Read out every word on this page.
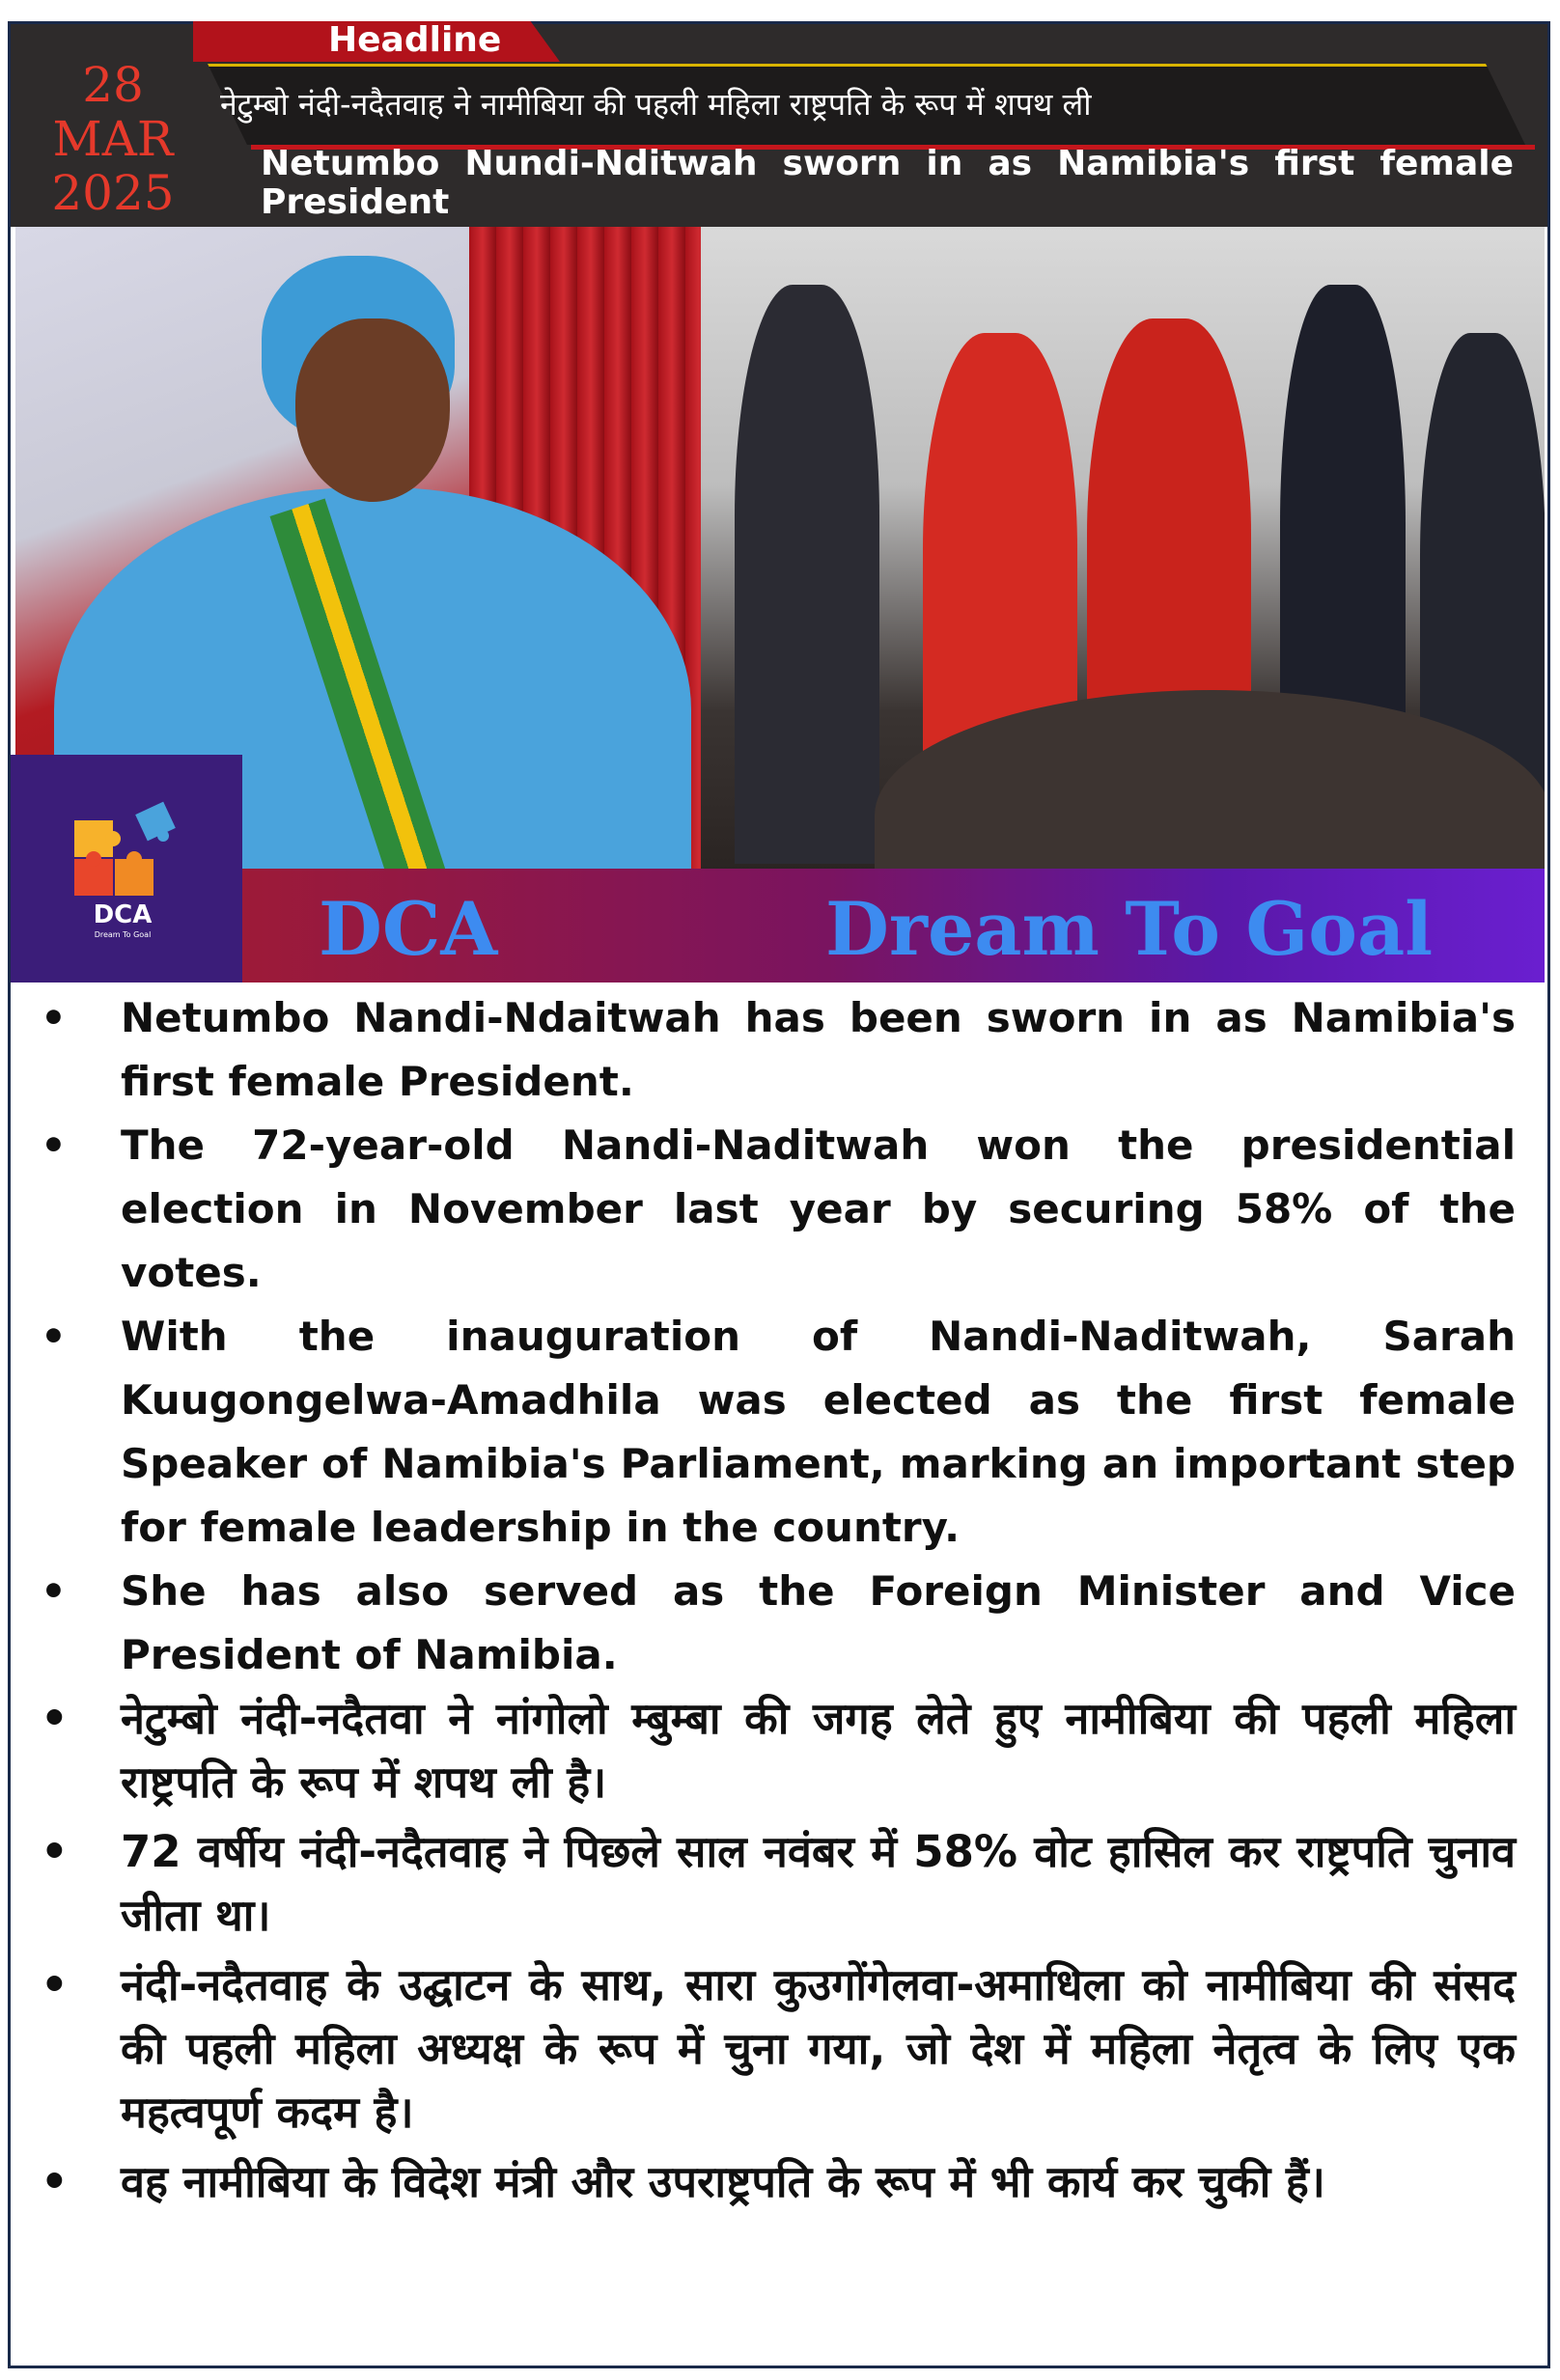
Headline
28
MAR
2025
नेटुम्बो नंदी-नदैतवाह ने नामीबिया की पहली महिला राष्ट्रपति के रूप में शपथ ली
Netumbo Nundi-Nditwah sworn in as Namibia's first female President
DCA	Dream To Goal
DCA
Dream To Goal
• Netumbo Nandi-Ndaitwah has been sworn in as Namibia's first female President.
• The 72-year-old Nandi-Naditwah won the presidential election in November last year by securing 58% of the votes.
• With the inauguration of Nandi-Naditwah, Sarah Kuugongelwa-Amadhila was elected as the first female Speaker of Namibia's Parliament, marking an important step for female leadership in the country.
• She has also served as the Foreign Minister and Vice President of Namibia.
• नेटुम्बो नंदी-नदैतवा ने नांगोलो म्बुम्बा की जगह लेते हुए नामीबिया की पहली महिला राष्ट्रपति के रूप में शपथ ली है।
• 72 वर्षीय नंदी-नदैतवाह ने पिछले साल नवंबर में 58% वोट हासिल कर राष्ट्रपति चुनाव जीता था।
• नंदी-नदैतवाह के उद्घाटन के साथ, सारा कुउगोंगेलवा-अमाधिला को नामीबिया की संसद की पहली महिला अध्यक्ष के रूप में चुना गया, जो देश में महिला नेतृत्व के लिए एक महत्वपूर्ण कदम है।
• वह नामीबिया के विदेश मंत्री और उपराष्ट्रपति के रूप में भी कार्य कर चुकी हैं।
